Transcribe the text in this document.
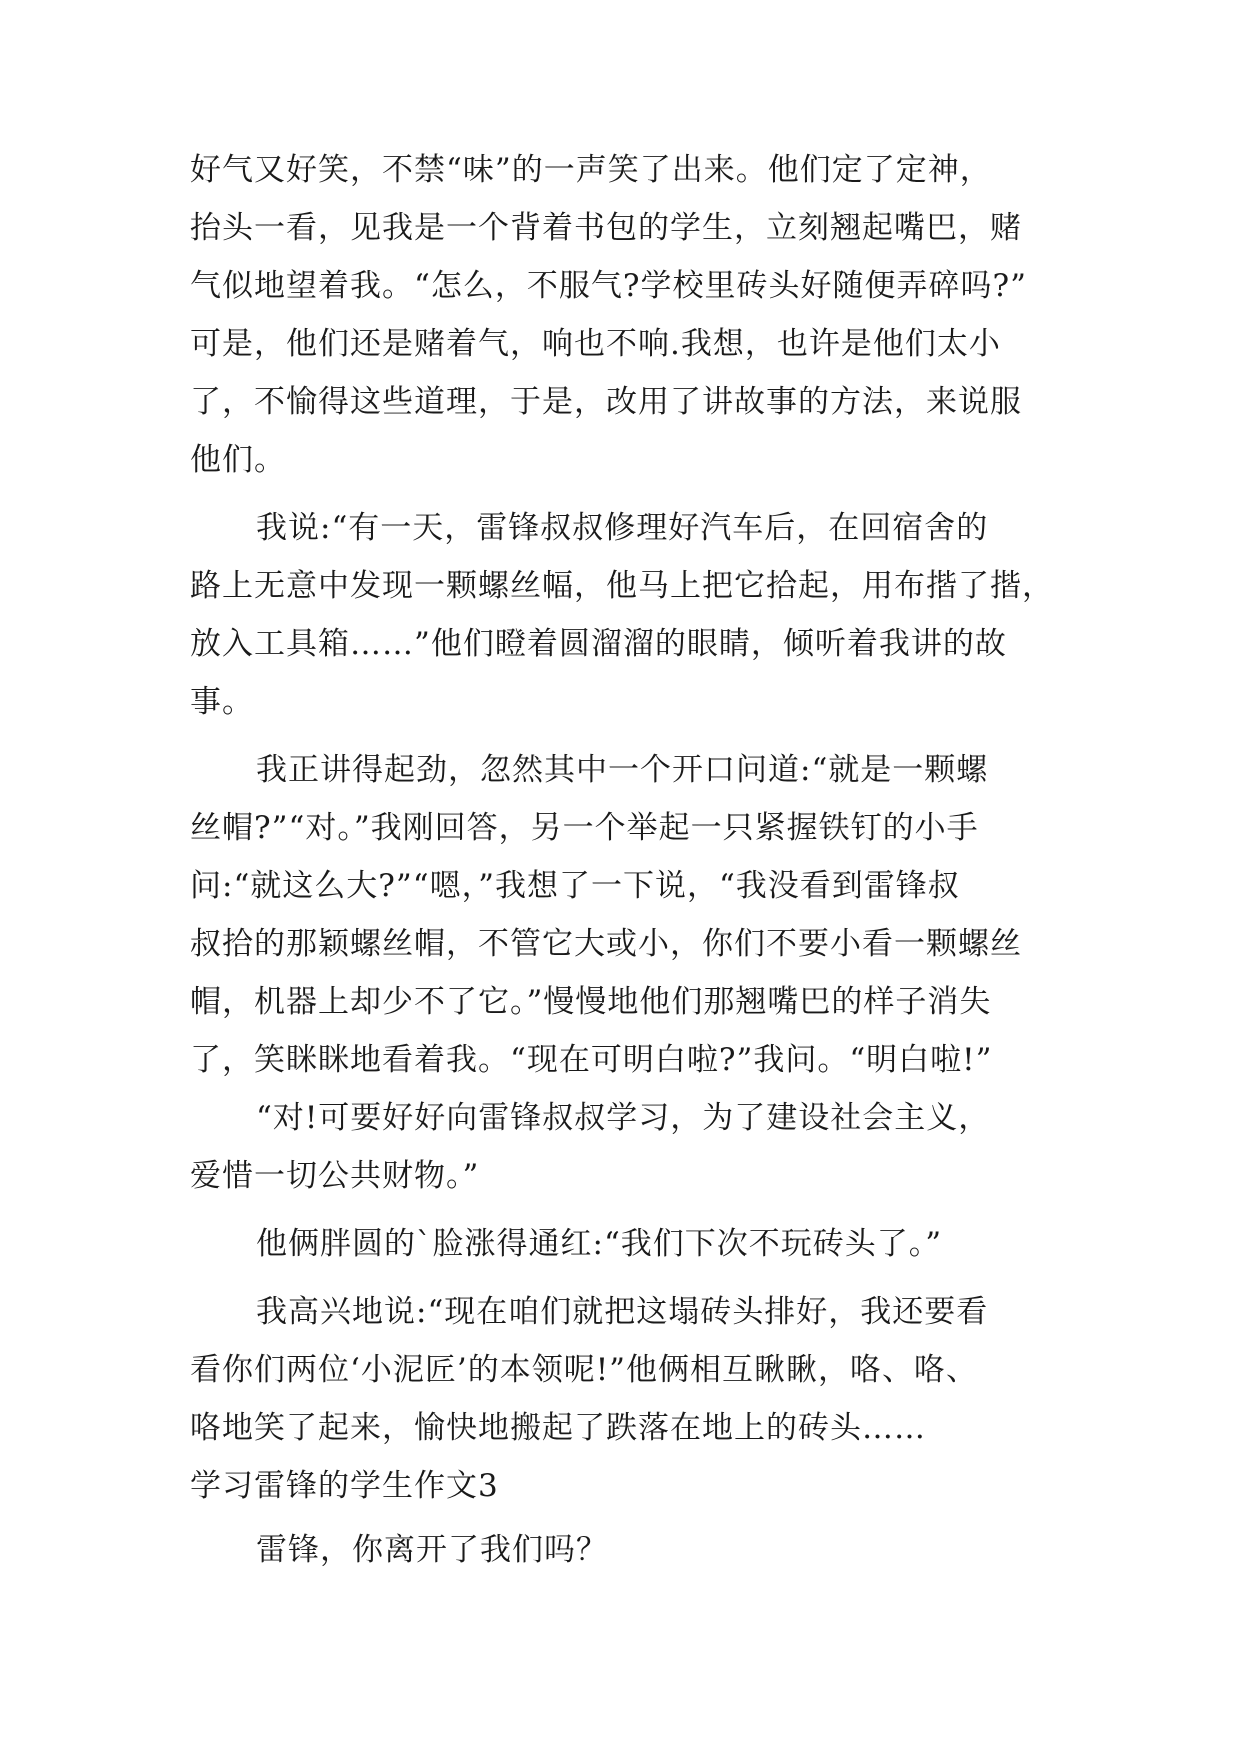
好气又好笑，不禁“味”的一声笑了出来。他们定了定神，
抬头一看，见我是一个背着书包的学生，立刻翘起嘴巴，赌
气似地望着我。“怎么，不服气?学校里砖头好随便弄碎吗?”
可是，他们还是赌着气，响也不响.我想，也许是他们太小
了，不愉得这些道理，于是，改用了讲故事的方法，来说服
他们。
我说:“有一天，雷锋叔叔修理好汽车后，在回宿舍的
路上无意中发现一颗螺丝幅，他马上把它拾起，用布揩了揩，
放入工具箱……”他们瞪着圆溜溜的眼睛，倾听着我讲的故
事。
我正讲得起劲，忽然其中一个开口问道:“就是一颗螺
丝帽?”“对。”我刚回答，另一个举起一只紧握铁钉的小手
问:“就这么大?”“嗯，”我想了一下说，“我没看到雷锋叔
叔拾的那颖螺丝帽，不管它大或小，你们不要小看一颗螺丝
帽，机器上却少不了它。”慢慢地他们那翘嘴巴的样子消失
了，笑眯眯地看着我。“现在可明白啦?”我问。“明白啦!”
“对!可要好好向雷锋叔叔学习，为了建设社会主义，
爱惜一切公共财物。”
他俩胖圆的`脸涨得通红:“我们下次不玩砖头了。”
我高兴地说:“现在咱们就把这塌砖头排好，我还要看
看你们两位‘小泥匠’的本领呢!”他俩相互瞅瞅，咯、咯、
咯地笑了起来，愉快地搬起了跌落在地上的砖头……
学习雷锋的学生作文3
雷锋，你离开了我们吗？
